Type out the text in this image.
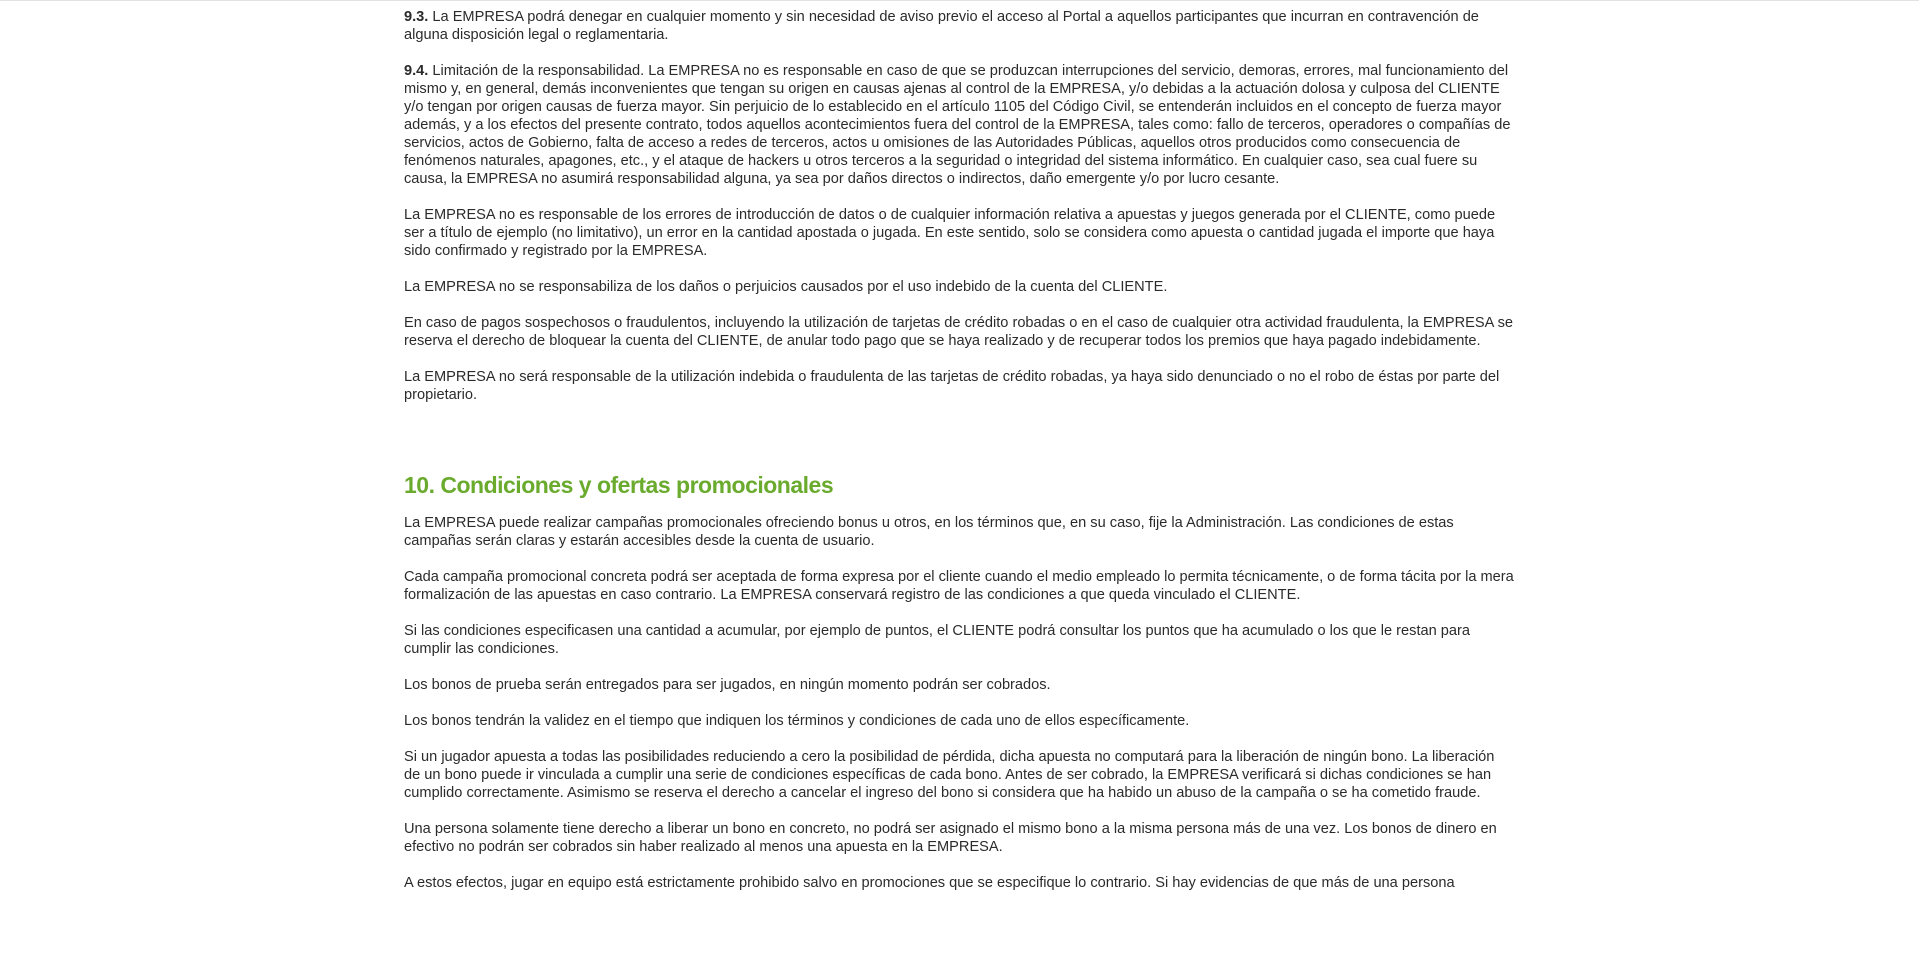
9.3. La EMPRESA podrá denegar en cualquier momento y sin necesidad de aviso previo el acceso al Portal a aquellos participantes que incurran en contravención de alguna disposición legal o reglamentaria.

9.4. Limitación de la responsabilidad. La EMPRESA no es responsable en caso de que se produzcan interrupciones del servicio, demoras, errores, mal funcionamiento del mismo y, en general, demás inconvenientes que tengan su origen en causas ajenas al control de la EMPRESA, y/o debidas a la actuación dolosa y culposa del CLIENTE y/o tengan por origen causas de fuerza mayor. Sin perjuicio de lo establecido en el artículo 1105 del Código Civil, se entenderán incluidos en el concepto de fuerza mayor además, y a los efectos del presente contrato, todos aquellos acontecimientos fuera del control de la EMPRESA, tales como: fallo de terceros, operadores o compañías de servicios, actos de Gobierno, falta de acceso a redes de terceros, actos u omisiones de las Autoridades Públicas, aquellos otros producidos como consecuencia de fenómenos naturales, apagones, etc., y el ataque de hackers u otros terceros a la seguridad o integridad del sistema informático. En cualquier caso, sea cual fuere su causa, la EMPRESA no asumirá responsabilidad alguna, ya sea por daños directos o indirectos, daño emergente y/o por lucro cesante.

La EMPRESA no es responsable de los errores de introducción de datos o de cualquier información relativa a apuestas y juegos generada por el CLIENTE, como puede ser a título de ejemplo (no limitativo), un error en la cantidad apostada o jugada. En este sentido, solo se considera como apuesta o cantidad jugada el importe que haya sido confirmado y registrado por la EMPRESA.

La EMPRESA no se responsabiliza de los daños o perjuicios causados por el uso indebido de la cuenta del CLIENTE.

En caso de pagos sospechosos o fraudulentos, incluyendo la utilización de tarjetas de crédito robadas o en el caso de cualquier otra actividad fraudulenta, la EMPRESA se reserva el derecho de bloquear la cuenta del CLIENTE, de anular todo pago que se haya realizado y de recuperar todos los premios que haya pagado indebidamente.

La EMPRESA no será responsable de la utilización indebida o fraudulenta de las tarjetas de crédito robadas, ya haya sido denunciado o no el robo de éstas por parte del propietario.

10. Condiciones y ofertas promocionales

La EMPRESA puede realizar campañas promocionales ofreciendo bonus u otros, en los términos que, en su caso, fije la Administración. Las condiciones de estas campañas serán claras y estarán accesibles desde la cuenta de usuario.

Cada campaña promocional concreta podrá ser aceptada de forma expresa por el cliente cuando el medio empleado lo permita técnicamente, o de forma tácita por la mera formalización de las apuestas en caso contrario. La EMPRESA conservará registro de las condiciones a que queda vinculado el CLIENTE.

Si las condiciones especificasen una cantidad a acumular, por ejemplo de puntos, el CLIENTE podrá consultar los puntos que ha acumulado o los que le restan para cumplir las condiciones.

Los bonos de prueba serán entregados para ser jugados, en ningún momento podrán ser cobrados.

Los bonos tendrán la validez en el tiempo que indiquen los términos y condiciones de cada uno de ellos específicamente.

Si un jugador apuesta a todas las posibilidades reduciendo a cero la posibilidad de pérdida, dicha apuesta no computará para la liberación de ningún bono. La liberación de un bono puede ir vinculada a cumplir una serie de condiciones específicas de cada bono. Antes de ser cobrado, la EMPRESA verificará si dichas condiciones se han cumplido correctamente. Asimismo se reserva el derecho a cancelar el ingreso del bono si considera que ha habido un abuso de la campaña o se ha cometido fraude.

Una persona solamente tiene derecho a liberar un bono en concreto, no podrá ser asignado el mismo bono a la misma persona más de una vez. Los bonos de dinero en efectivo no podrán ser cobrados sin haber realizado al menos una apuesta en la EMPRESA.

A estos efectos, jugar en equipo está estrictamente prohibido salvo en promociones que se especifique lo contrario. Si hay evidencias de que más de una persona
